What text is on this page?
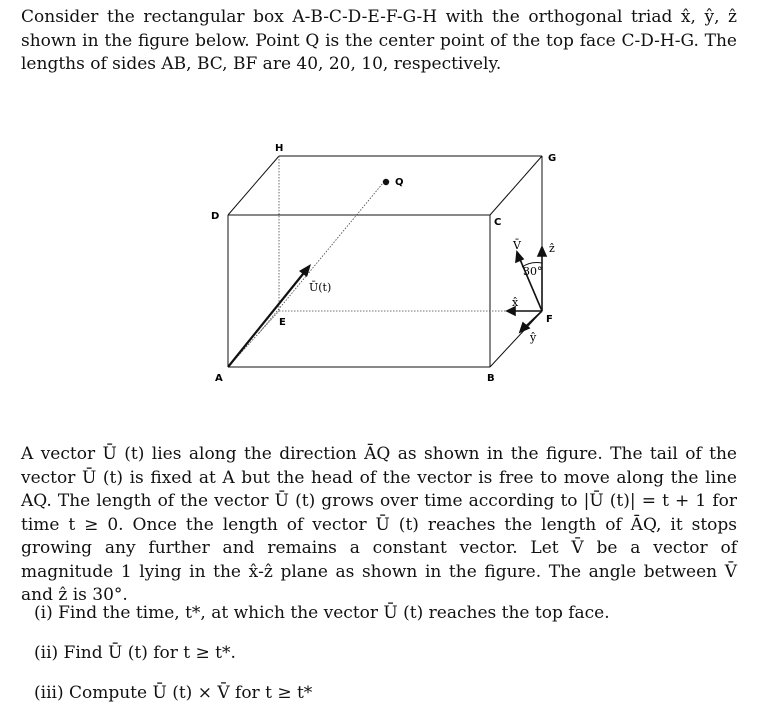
Consider the rectangular box A-B-C-D-E-F-G-H with the orthogonal triad x̂, ŷ, ẑ shown in the figure below. Point Q is the center point of the top face C-D-H-G. The lengths of sides AB, BC, BF are 40, 20, 10, respectively.

H
G
D
C
Q
E	F
A	B
Ū(t)
V̄	ẑ
x̂
ŷ
30°

A vector Ū (t) lies along the direction ĀQ as shown in the figure. The tail of the vector Ū (t) is fixed at A but the head of the vector is free to move along the line AQ. The length of the vector Ū (t) grows over time according to |Ū (t)| = t + 1 for time t ≥ 0. Once the length of vector Ū (t) reaches the length of ĀQ, it stops growing any further and remains a constant vector. Let V̄ be a vector of magnitude 1 lying in the x̂-ẑ plane as shown in the figure. The angle between V̄ and ẑ is 30°.

(i) Find the time, t*, at which the vector Ū (t) reaches the top face.

(ii) Find Ū (t) for t ≥ t*.

(iii) Compute Ū (t) × V̄ for t ≥ t*
